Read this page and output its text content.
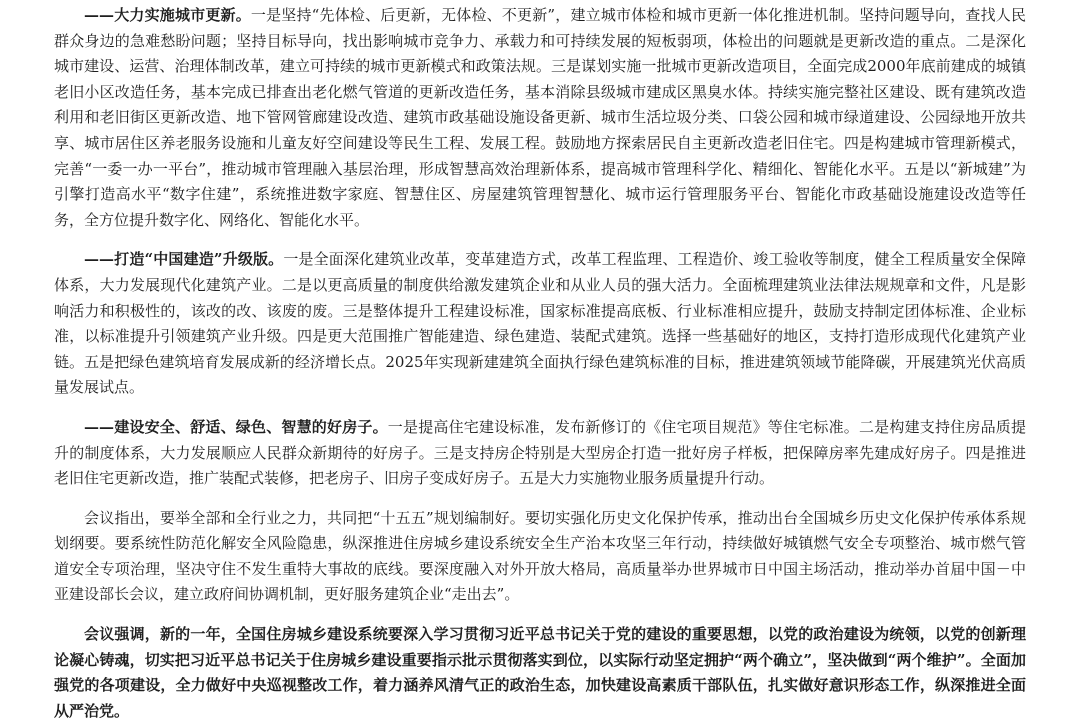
——大力实施城市更新。一是坚持“先体检、后更新，无体检、不更新”，建立城市体检和城市更新一体化推进机制。坚持问题导向，查找人民群众身边的急难愁盼问题；坚持目标导向，找出影响城市竞争力、承载力和可持续发展的短板弱项，体检出的问题就是更新改造的重点。二是深化城市建设、运营、治理体制改革，建立可持续的城市更新模式和政策法规。三是谋划实施一批城市更新改造项目，全面完成2000年底前建成的城镇老旧小区改造任务，基本完成已排查出老化燃气管道的更新改造任务，基本消除县级城市建成区黑臭水体。持续实施完整社区建设、既有建筑改造利用和老旧街区更新改造、地下管网管廊建设改造、建筑市政基础设施设备更新、城市生活垃圾分类、口袋公园和城市绿道建设、公园绿地开放共享、城市居住区养老服务设施和儿童友好空间建设等民生工程、发展工程。鼓励地方探索居民自主更新改造老旧住宅。四是构建城市管理新模式，完善“一委一办一平台”，推动城市管理融入基层治理，形成智慧高效治理新体系，提高城市管理科学化、精细化、智能化水平。五是以“新城建”为引擎打造高水平“数字住建”，系统推进数字家庭、智慧住区、房屋建筑管理智慧化、城市运行管理服务平台、智能化市政基础设施建设改造等任务，全方位提升数字化、网络化、智能化水平。

——打造“中国建造”升级版。一是全面深化建筑业改革，变革建造方式，改革工程监理、工程造价、竣工验收等制度，健全工程质量安全保障体系，大力发展现代化建筑产业。二是以更高质量的制度供给激发建筑企业和从业人员的强大活力。全面梳理建筑业法律法规规章和文件，凡是影响活力和积极性的，该改的改、该废的废。三是整体提升工程建设标准，国家标准提高底板、行业标准相应提升，鼓励支持制定团体标准、企业标准，以标准提升引领建筑产业升级。四是更大范围推广智能建造、绿色建造、装配式建筑。选择一些基础好的地区，支持打造形成现代化建筑产业链。五是把绿色建筑培育发展成新的经济增长点。2025年实现新建建筑全面执行绿色建筑标准的目标，推进建筑领域节能降碳，开展建筑光伏高质量发展试点。

——建设安全、舒适、绿色、智慧的好房子。一是提高住宅建设标准，发布新修订的《住宅项目规范》等住宅标准。二是构建支持住房品质提升的制度体系，大力发展顺应人民群众新期待的好房子。三是支持房企特别是大型房企打造一批好房子样板，把保障房率先建成好房子。四是推进老旧住宅更新改造，推广装配式装修，把老房子、旧房子变成好房子。五是大力实施物业服务质量提升行动。

会议指出，要举全部和全行业之力，共同把“十五五”规划编制好。要切实强化历史文化保护传承，推动出台全国城乡历史文化保护传承体系规划纲要。要系统性防范化解安全风险隐患，纵深推进住房城乡建设系统安全生产治本攻坚三年行动，持续做好城镇燃气安全专项整治、城市燃气管道安全专项治理，坚决守住不发生重特大事故的底线。要深度融入对外开放大格局，高质量举办世界城市日中国主场活动，推动举办首届中国－中亚建设部长会议，建立政府间协调机制，更好服务建筑企业“走出去”。

会议强调，新的一年，全国住房城乡建设系统要深入学习贯彻习近平总书记关于党的建设的重要思想，以党的政治建设为统领，以党的创新理论凝心铸魂，切实把习近平总书记关于住房城乡建设重要指示批示贯彻落实到位，以实际行动坚定拥护“两个确立”，坚决做到“两个维护”。全面加强党的各项建设，全力做好中央巡视整改工作，着力涵养风清气正的政治生态，加快建设高素质干部队伍，扎实做好意识形态工作，纵深推进全面从严治党。
